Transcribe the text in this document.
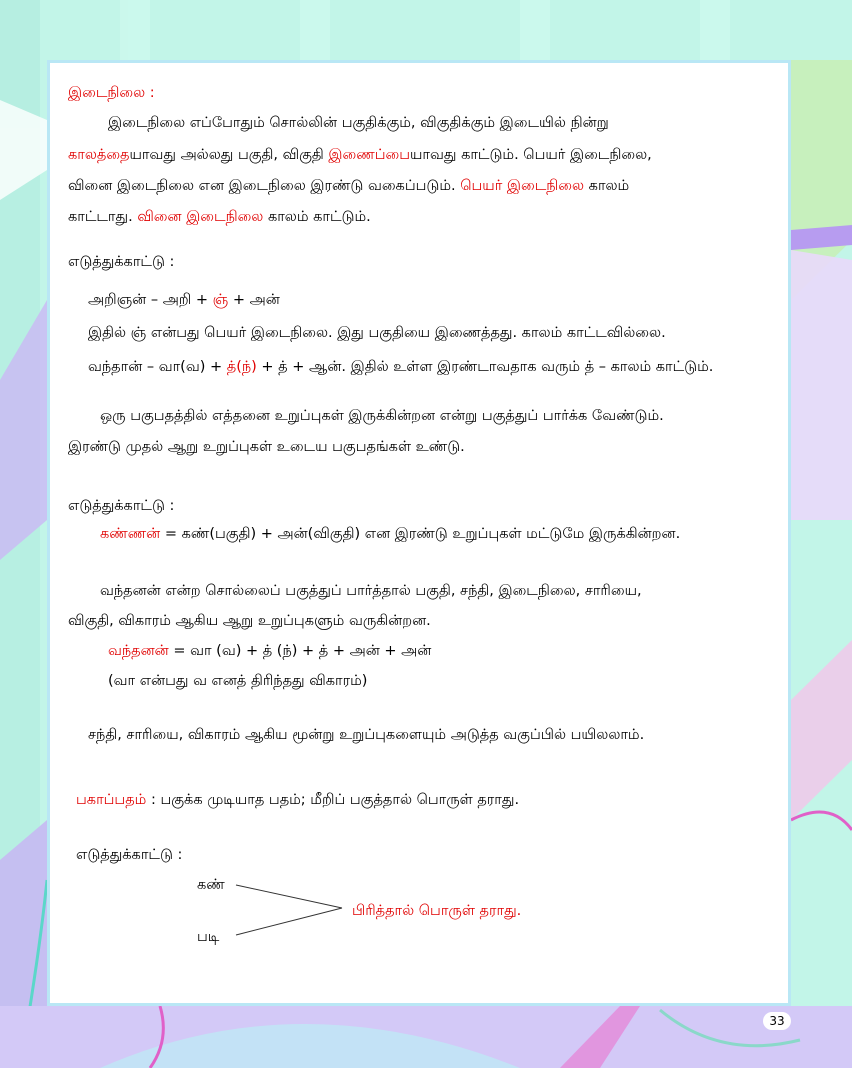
இடைநிலை :
இடைநிலை எப்போதும் சொல்லின் பகுதிக்கும், விகுதிக்கும் இடையில் நின்று
காலத்தையாவது அல்லது பகுதி, விகுதி இணைப்பையாவது காட்டும். பெயர் இடைநிலை,
வினை இடைநிலை என இடைநிலை இரண்டு வகைப்படும். பெயர் இடைநிலை காலம்
காட்டாது. வினை இடைநிலை காலம் காட்டும்.
எடுத்துக்காட்டு :
அறிஞன் – அறி + ஞ் + அன்
இதில் ஞ் என்பது பெயர் இடைநிலை. இது பகுதியை இணைத்தது. காலம் காட்டவில்லை.
வந்தான் – வா(வ) + த்(ந்) + த் + ஆன். இதில் உள்ள இரண்டாவதாக வரும் த் – காலம் காட்டும்.
ஒரு பகுபதத்தில் எத்தனை உறுப்புகள் இருக்கின்றன என்று பகுத்துப் பார்க்க வேண்டும்.
இரண்டு முதல் ஆறு உறுப்புகள் உடைய பகுபதங்கள் உண்டு.
எடுத்துக்காட்டு :
கண்ணன் = கண்(பகுதி) + அன்(விகுதி) என இரண்டு உறுப்புகள் மட்டுமே இருக்கின்றன.
வந்தனன் என்ற சொல்லைப் பகுத்துப் பார்த்தால் பகுதி, சந்தி, இடைநிலை, சாரியை,
விகுதி, விகாரம் ஆகிய ஆறு உறுப்புகளும் வருகின்றன.
வந்தனன் = வா (வ) + த் (ந்) + த் + அன் + அன்
(வா என்பது வ எனத் திரிந்தது விகாரம்)
சந்தி, சாரியை, விகாரம் ஆகிய மூன்று உறுப்புகளையும் அடுத்த வகுப்பில் பயிலலாம்.
பகாப்பதம் : பகுக்க முடியாத பதம்; மீறிப் பகுத்தால் பொருள் தராது.
எடுத்துக்காட்டு :
கண்
படி
பிரித்தால் பொருள் தராது.
33
